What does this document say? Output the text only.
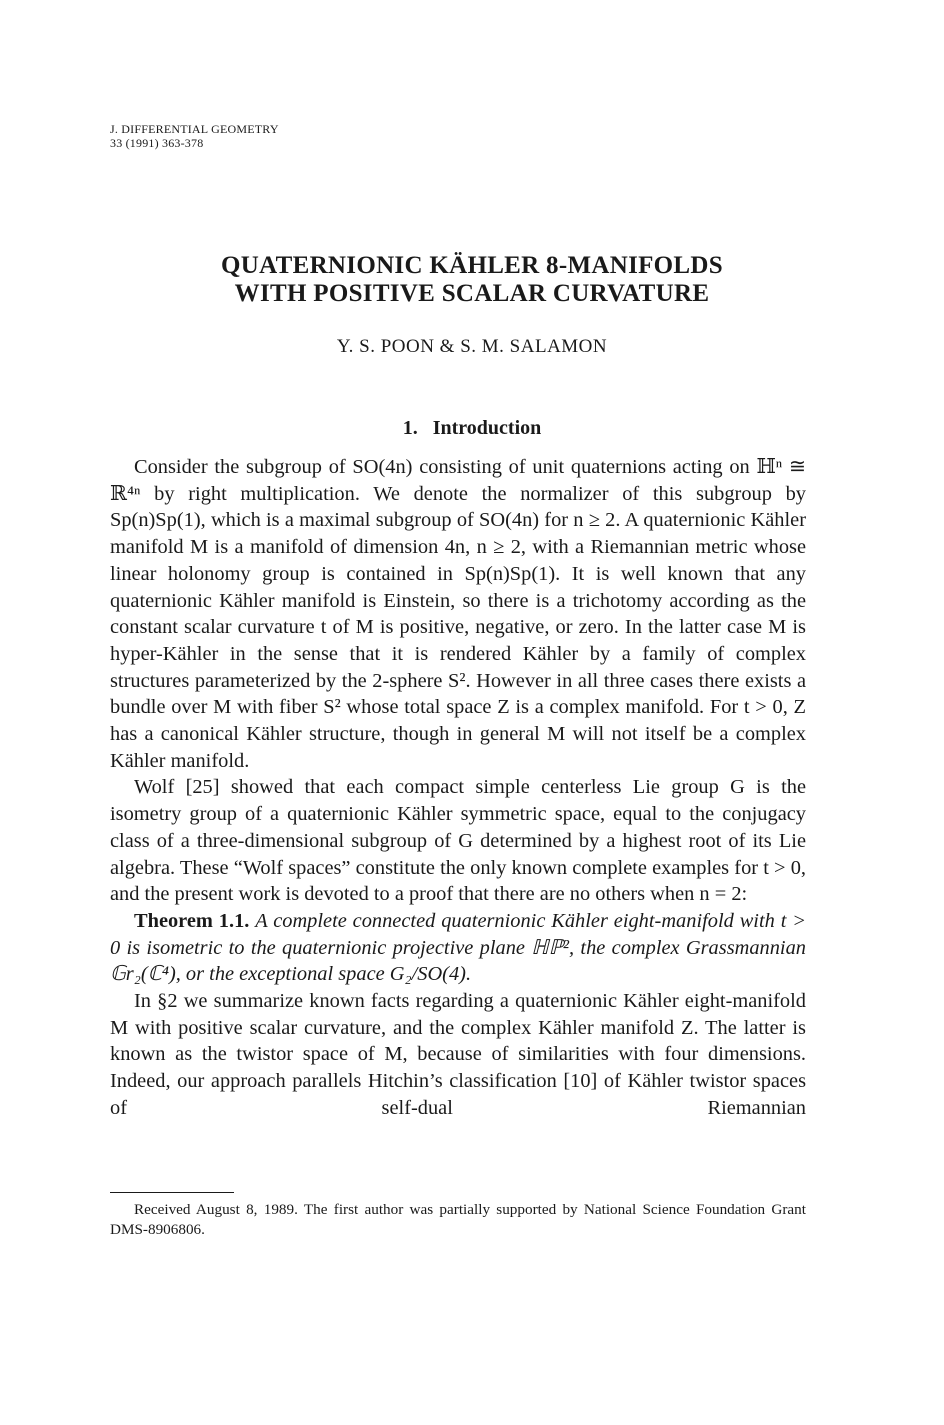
J. DIFFERENTIAL GEOMETRY
33 (1991) 363-378
QUATERNIONIC KÄHLER 8-MANIFOLDS
WITH POSITIVE SCALAR CURVATURE
Y. S. POON & S. M. SALAMON
1. Introduction

Consider the subgroup of SO(4n) consisting of unit quaternions acting on ℍⁿ ≅ ℝ⁴ⁿ by right multiplication. We denote the normalizer of this subgroup by Sp(n)Sp(1), which is a maximal subgroup of SO(4n) for n ≥ 2. A quaternionic Kähler manifold M is a manifold of dimension 4n, n ≥ 2, with a Riemannian metric whose linear holonomy group is contained in Sp(n)Sp(1). It is well known that any quaternionic Kähler manifold is Einstein, so there is a trichotomy according as the constant scalar curvature t of M is positive, negative, or zero. In the latter case M is hyper-Kähler in the sense that it is rendered Kähler by a family of complex structures parameterized by the 2-sphere S². However in all three cases there exists a bundle over M with fiber S² whose total space Z is a complex manifold. For t > 0, Z has a canonical Kähler structure, though in general M will not itself be a complex Kähler manifold.

Wolf [25] showed that each compact simple centerless Lie group G is the isometry group of a quaternionic Kähler symmetric space, equal to the conjugacy class of a three-dimensional subgroup of G determined by a highest root of its Lie algebra. These “Wolf spaces” constitute the only known complete examples for t > 0, and the present work is devoted to a proof that there are no others when n = 2:

Theorem 1.1. A complete connected quaternionic Kähler eight-manifold with t > 0 is isometric to the quaternionic projective plane ℍℙ², the complex Grassmannian 𝔾r₂(ℂ⁴), or the exceptional space G₂/SO(4).

In §2 we summarize known facts regarding a quaternionic Kähler eight-manifold M with positive scalar curvature, and the complex Kähler manifold Z. The latter is known as the twistor space of M, because of similarities with four dimensions. Indeed, our approach parallels Hitchin’s classification [10] of Kähler twistor spaces of self-dual Riemannian

Received August 8, 1989. The first author was partially supported by National Science Foundation Grant DMS-8906806.
